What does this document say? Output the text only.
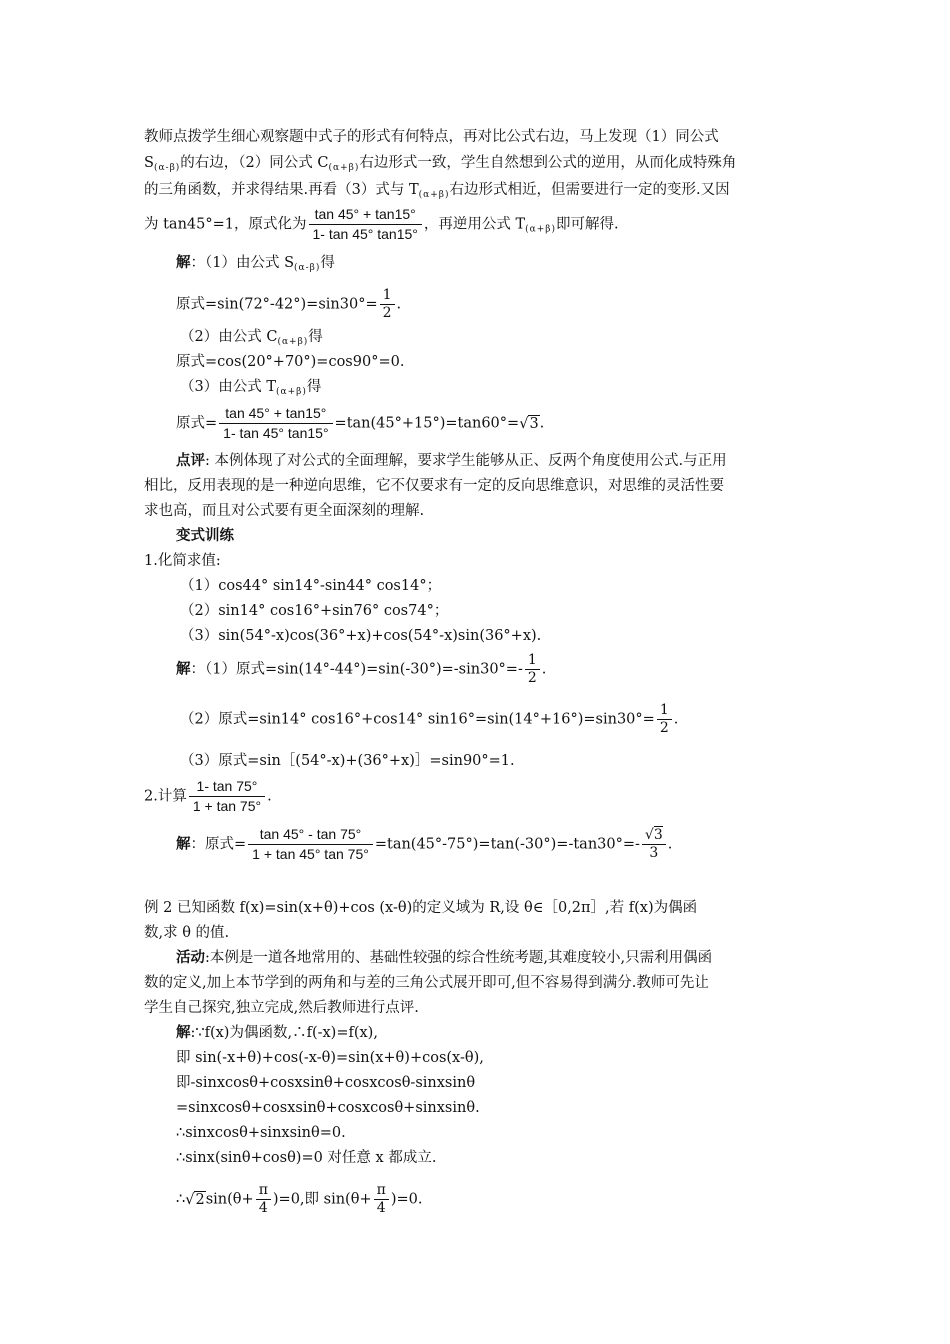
教师点拨学生细心观察题中式子的形式有何特点，再对比公式右边，马上发现（1）同公式
$S_{(\alpha-\beta)}$的右边，（2）同公式 $C_{(\alpha+\beta)}$右边形式一致，学生自然想到公式的逆用，从而化成特殊角
的三角函数，并求得结果.再看（3）式与 $T_{(\alpha+\beta)}$右边形式相近，但需要进行一定的变形.又因
为 tan45°=1，原式化为 $\frac{\tan 45^\circ + \tan 15^\circ}{1- \tan 45^\circ \tan 15^\circ}$ ，再逆用公式 $T_{(\alpha+\beta)}$即可解得.
解：（1）由公式 $S_{(\alpha-\beta)}$得
原式$=\sin(72^\circ-42^\circ)=\sin 30^\circ= \frac{1}{2}$ .
（2）由公式 $C_{(\alpha+\beta)}$得
原式=cos(20°+70°)=cos90°=0.
（3）由公式 $T_{(\alpha+\beta)}$得
原式= $\frac{\tan 45^\circ + \tan 15^\circ}{1- \tan 45^\circ \tan 15^\circ} =\tan(45^\circ+15^\circ)=\tan 60^\circ=√3$.
点评: 本例体现了对公式的全面理解，要求学生能够从正、反两个角度使用公式.与正用
相比，反用表现的是一种逆向思维，它不仅要求有一定的反向思维意识，对思维的灵活性要
求也高，而且对公式要有更全面深刻的理解.
变式训练
1.化简求值:
（1）cos44° sin14°-sin44° cos14°；
（2）sin14° cos16°+sin76° cos74°；
（3）sin(54°-x)cos(36°+x)+cos(54°-x)sin(36°+x).
解：（1）原式$=\sin(14^\circ-44^\circ)=\sin(-30^\circ)=-\sin 30^\circ=- \frac{1}{2}$ .
（2）原式=sin14° cos16°+cos14° $\sin 16^\circ=\sin(14^\circ+16^\circ)=\sin 30^\circ= \frac{1}{2}$ .
（3）原式=sin［(54°-x)+(36°+x)］=sin90°=1.
2.计算 $\frac{1- \tan 75^\circ}{1 + \tan 75^\circ}$ .
解：原式= $\frac{\tan 45^\circ - \tan 75^\circ}{1 + \tan 45^\circ \tan 75^\circ} =\tan(45^\circ-75^\circ)=\tan(-30^\circ)=-\tan 30^\circ=- \frac{√3}{3}$ .
例 2 已知函数 f(x)=sin(x+θ)+cos (x-θ)的定义域为 R,设 θ∈［0,2π］,若 f(x)为偶函
数,求 θ 的值.
活动:本例是一道各地常用的、基础性较强的综合性统考题,其难度较小,只需利用偶函
数的定义,加上本节学到的两角和与差的三角公式展开即可,但不容易得到满分.教师可先让
学生自己探究,独立完成,然后教师进行点评.
解:∵f(x)为偶函数,∴f(-x)=f(x),
即 sin(-x+θ)+cos(-x-θ)=sin(x+θ)+cos(x-θ),
即-sinxcosθ+cosxsinθ+cosxcosθ-sinxsinθ
=sinxcosθ+cosxsinθ+cosxcosθ+sinxsinθ.
∴sinxcosθ+sinxsinθ=0.
∴sinx(sinθ+cosθ)=0 对任意 x 都成立.
∴√2sin(θ+ $\frac{\pi}{4} )=0$,即 $\sin(\theta+ \frac{\pi}{4} )=0$.
